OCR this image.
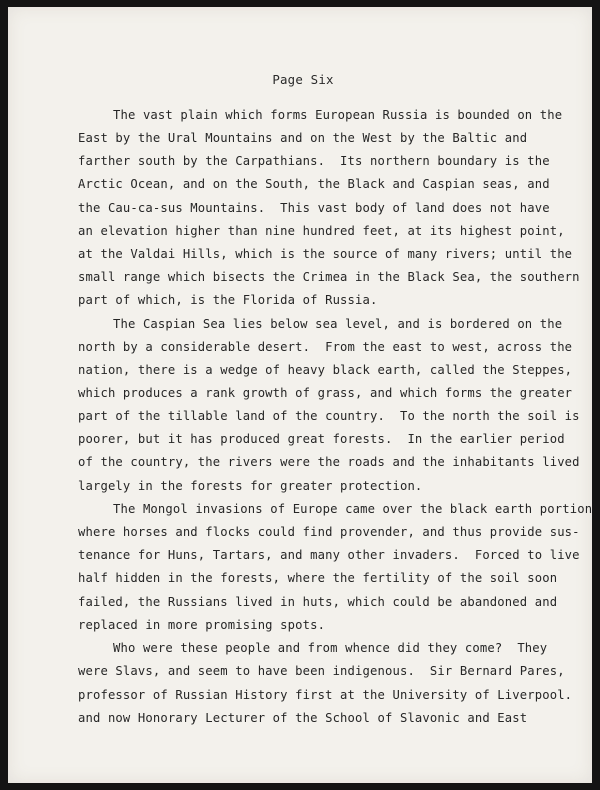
Page Six
The vast plain which forms European Russia is bounded on the
East by the Ural Mountains and on the West by the Baltic and
farther south by the Carpathians.  Its northern boundary is the
Arctic Ocean, and on the South, the Black and Caspian seas, and
the Cau-ca-sus Mountains.  This vast body of land does not have
an elevation higher than nine hundred feet, at its highest point,
at the Valdai Hills, which is the source of many rivers; until the
small range which bisects the Crimea in the Black Sea, the southern
part of which, is the Florida of Russia.
The Caspian Sea lies below sea level, and is bordered on the
north by a considerable desert.  From the east to west, across the
nation, there is a wedge of heavy black earth, called the Steppes,
which produces a rank growth of grass, and which forms the greater
part of the tillable land of the country.  To the north the soil is
poorer, but it has produced great forests.  In the earlier period
of the country, the rivers were the roads and the inhabitants lived
largely in the forests for greater protection.
The Mongol invasions of Europe came over the black earth portion
where horses and flocks could find provender, and thus provide sus-
tenance for Huns, Tartars, and many other invaders.  Forced to live
half hidden in the forests, where the fertility of the soil soon
failed, the Russians lived in huts, which could be abandoned and
replaced in more promising spots.
Who were these people and from whence did they come?  They
were Slavs, and seem to have been indigenous.  Sir Bernard Pares,
professor of Russian History first at the University of Liverpool.
and now Honorary Lecturer of the School of Slavonic and East
